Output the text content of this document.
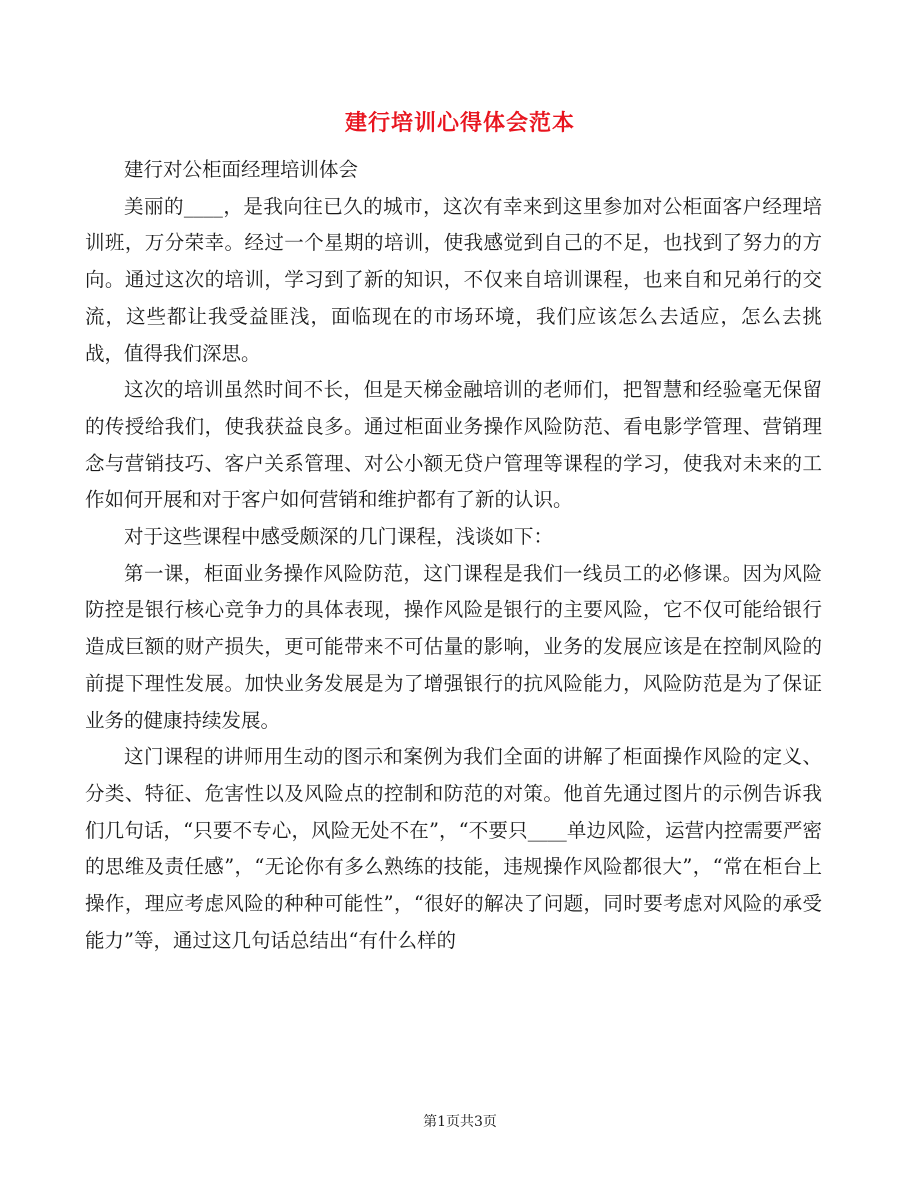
建行培训心得体会范本

建行对公柜面经理培训体会

美丽的____，是我向往已久的城市，这次有幸来到这里参加对公柜面客户经理培训班，万分荣幸。经过一个星期的培训，使我感觉到自己的不足，也找到了努力的方向。通过这次的培训，学习到了新的知识，不仅来自培训课程，也来自和兄弟行的交流，这些都让我受益匪浅，面临现在的市场环境，我们应该怎么去适应，怎么去挑战，值得我们深思。

这次的培训虽然时间不长，但是天梯金融培训的老师们，把智慧和经验毫无保留的传授给我们，使我获益良多。通过柜面业务操作风险防范、看电影学管理、营销理念与营销技巧、客户关系管理、对公小额无贷户管理等课程的学习，使我对未来的工作如何开展和对于客户如何营销和维护都有了新的认识。

对于这些课程中感受颇深的几门课程，浅谈如下：

第一课，柜面业务操作风险防范，这门课程是我们一线员工的必修课。因为风险防控是银行核心竞争力的具体表现，操作风险是银行的主要风险，它不仅可能给银行造成巨额的财产损失，更可能带来不可估量的影响，业务的发展应该是在控制风险的前提下理性发展。加快业务发展是为了增强银行的抗风险能力，风险防范是为了保证业务的健康持续发展。

这门课程的讲师用生动的图示和案例为我们全面的讲解了柜面操作风险的定义、分类、特征、危害性以及风险点的控制和防范的对策。他首先通过图片的示例告诉我们几句话，“只要不专心，风险无处不在”，“不要只____单边风险，运营内控需要严密的思维及责任感”，“无论你有多么熟练的技能，违规操作风险都很大”，“常在柜台上操作，理应考虑风险的种种可能性”，“很好的解决了问题，同时要考虑对风险的承受能力”等，通过这几句话总结出“有什么样的

第1页共3页
